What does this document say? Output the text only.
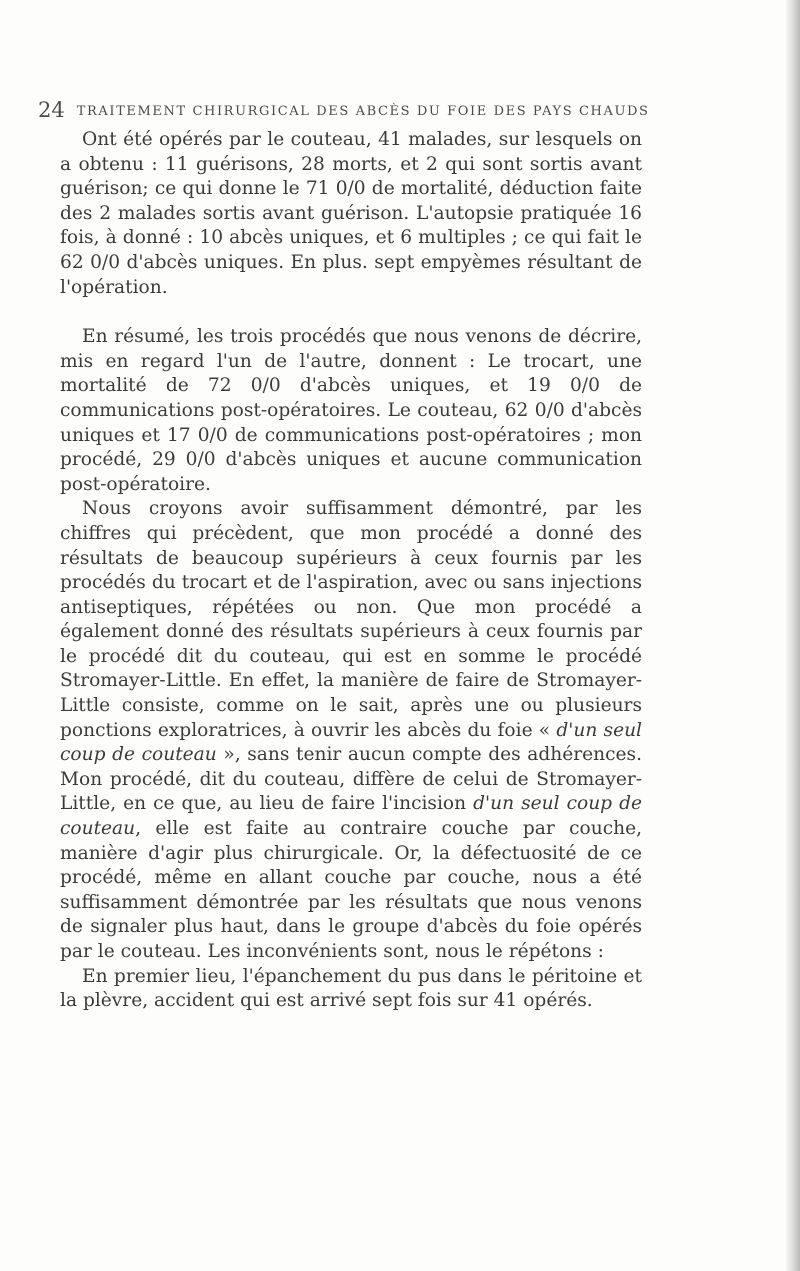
24 TRAITEMENT CHIRURGICAL DES ABCÈS DU FOIE DES PAYS CHAUDS

Ont été opérés par le couteau, 41 malades, sur lesquels on a obtenu : 11 guérisons, 28 morts, et 2 qui sont sortis avant guérison; ce qui donne le 71 0/0 de mortalité, déduction faite des 2 malades sortis avant guérison. L'autopsie pratiquée 16 fois, à donné : 10 abcès uniques, et 6 multiples ; ce qui fait le 62 0/0 d'abcès uniques. En plus. sept empyèmes résultant de l'opération.

En résumé, les trois procédés que nous venons de décrire, mis en regard l'un de l'autre, donnent : Le trocart, une mortalité de 72 0/0 d'abcès uniques, et 19 0/0 de communications post-opératoires. Le couteau, 62 0/0 d'abcès uniques et 17 0/0 de communications post-opératoires ; mon procédé, 29 0/0 d'abcès uniques et aucune communication post-opératoire.

Nous croyons avoir suffisamment démontré, par les chiffres qui précèdent, que mon procédé a donné des résultats de beaucoup supérieurs à ceux fournis par les procédés du trocart et de l'aspiration, avec ou sans injections antiseptiques, répétées ou non. Que mon procédé a également donné des résultats supérieurs à ceux fournis par le procédé dit du couteau, qui est en somme le procédé Stromayer-Little. En effet, la manière de faire de Stromayer-Little consiste, comme on le sait, après une ou plusieurs ponctions exploratrices, à ouvrir les abcès du foie « d'un seul coup de couteau », sans tenir aucun compte des adhérences. Mon procédé, dit du couteau, diffère de celui de Stromayer-Little, en ce que, au lieu de faire l'incision d'un seul coup de couteau, elle est faite au contraire couche par couche, manière d'agir plus chirurgicale. Or, la défectuosité de ce procédé, même en allant couche par couche, nous a été suffisamment démontrée par les résultats que nous venons de signaler plus haut, dans le groupe d'abcès du foie opérés par le couteau. Les inconvénients sont, nous le répétons :

En premier lieu, l'épanchement du pus dans le péritoine et la plèvre, accident qui est arrivé sept fois sur 41 opérés.
